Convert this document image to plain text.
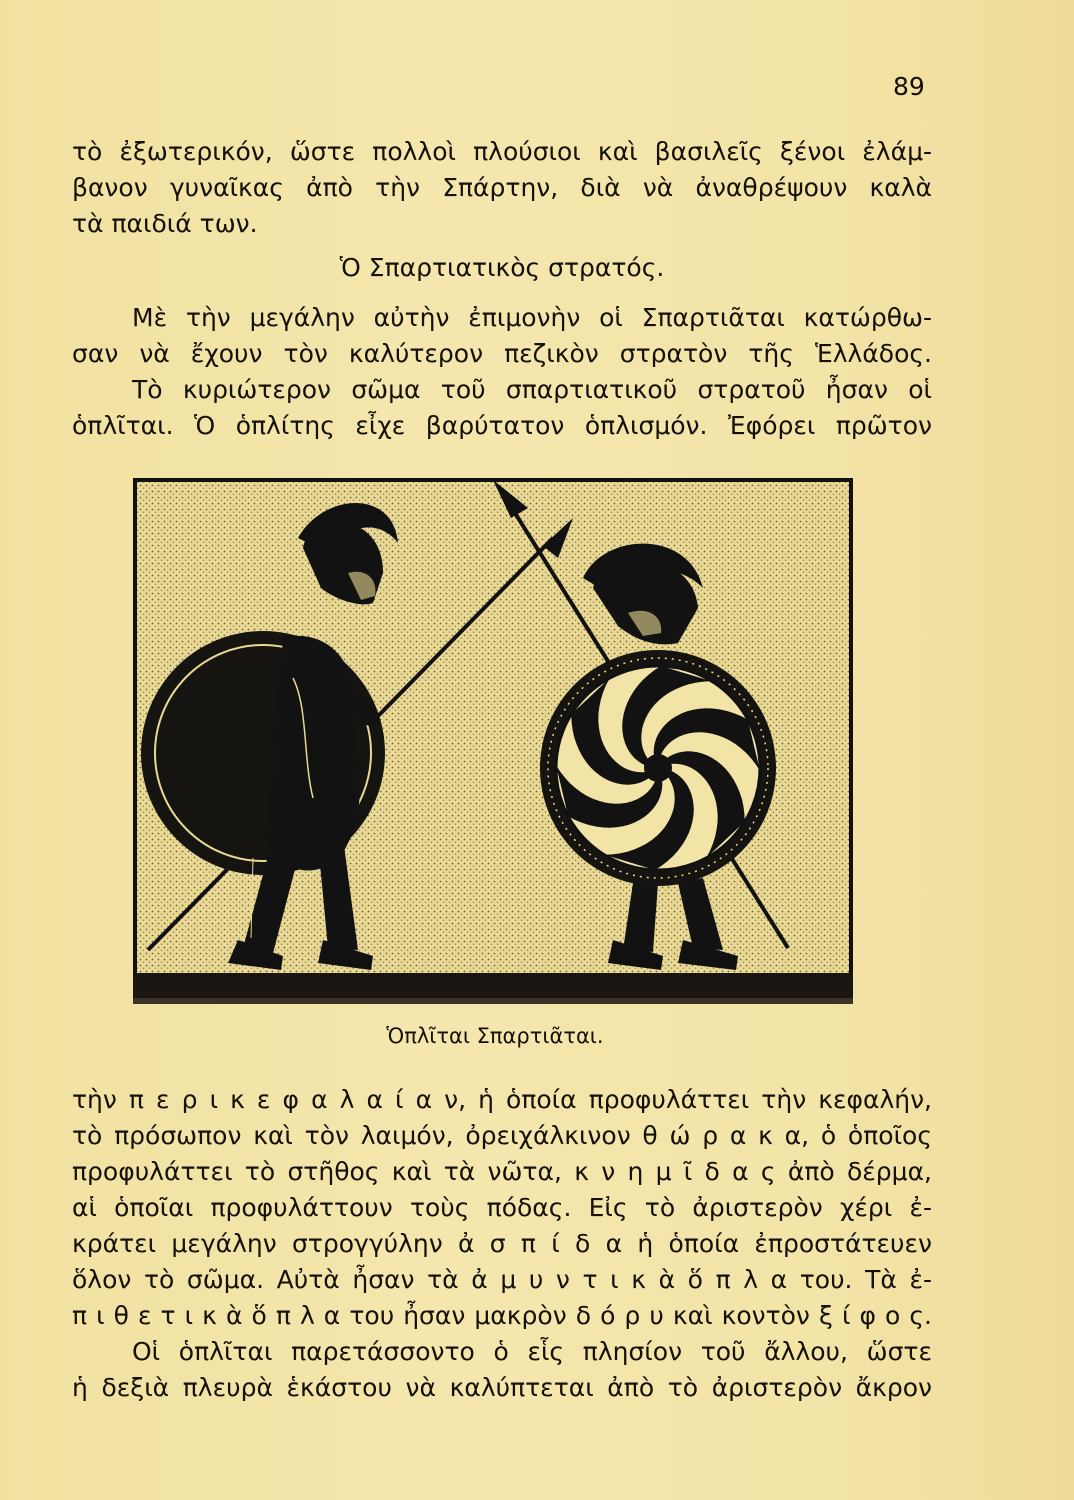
89
τὸ ἐξωτερικόν, ὥστε πολλοὶ πλούσιοι καὶ βασιλεῖς ξένοι ἐλάμ-
βανον γυναῖκας ἀπὸ τὴν Σπάρτην, διὰ νὰ ἀναθρέψουν καλὰ
τὰ παιδιά των.
Ὁ Σπαρτιατικὸς στρατός.
Μὲ τὴν μεγάλην αὐτὴν ἐπιμονὴν οἱ Σπαρτιᾶται κατώρθω-
σαν νὰ ἔχουν τὸν καλύτερον πεζικὸν στρατὸν τῆς Ἑλλάδος.
Τὸ κυριώτερον σῶμα τοῦ σπαρτιατικοῦ στρατοῦ ἦσαν οἱ
ὁπλῖται. Ὁ ὁπλίτης εἶχε βαρύτατον ὁπλισμόν. Ἐφόρει πρῶτον
Ὁπλῖται Σπαρτιᾶται.
τὴν π ε ρ ι κ ε φ α λ α ί α ν, ἡ ὁποία προφυλάττει τὴν κεφαλήν,
τὸ πρόσωπον καὶ τὸν λαιμόν, ὀρειχάλκινον θ ώ ρ α κ α, ὁ ὁποῖος
προφυλάττει τὸ στῆθος καὶ τὰ νῶτα, κ ν η μ ῖ δ α ς ἀπὸ δέρμα,
αἱ ὁποῖαι προφυλάττουν τοὺς πόδας. Εἰς τὸ ἀριστερὸν χέρι ἐ-
κράτει μεγάλην στρογγύλην ἀ σ π ί δ α ἡ ὁποία ἐπροστάτευεν
ὅλον τὸ σῶμα. Αὐτὰ ἦσαν τὰ ἀ μ υ ν τ ι κ ὰ ὅ π λ α του. Τὰ ἐ-
π ι θ ε τ ι κ ὰ ὅ π λ α του ἦσαν μακρὸν δ ό ρ υ καὶ κοντὸν ξ ί φ ο ς.
Οἱ ὁπλῖται παρετάσσοντο ὁ εἷς πλησίον τοῦ ἄλλου, ὥστε
ἡ δεξιὰ πλευρὰ ἑκάστου νὰ καλύπτεται ἀπὸ τὸ ἀριστερὸν ἄκρον
